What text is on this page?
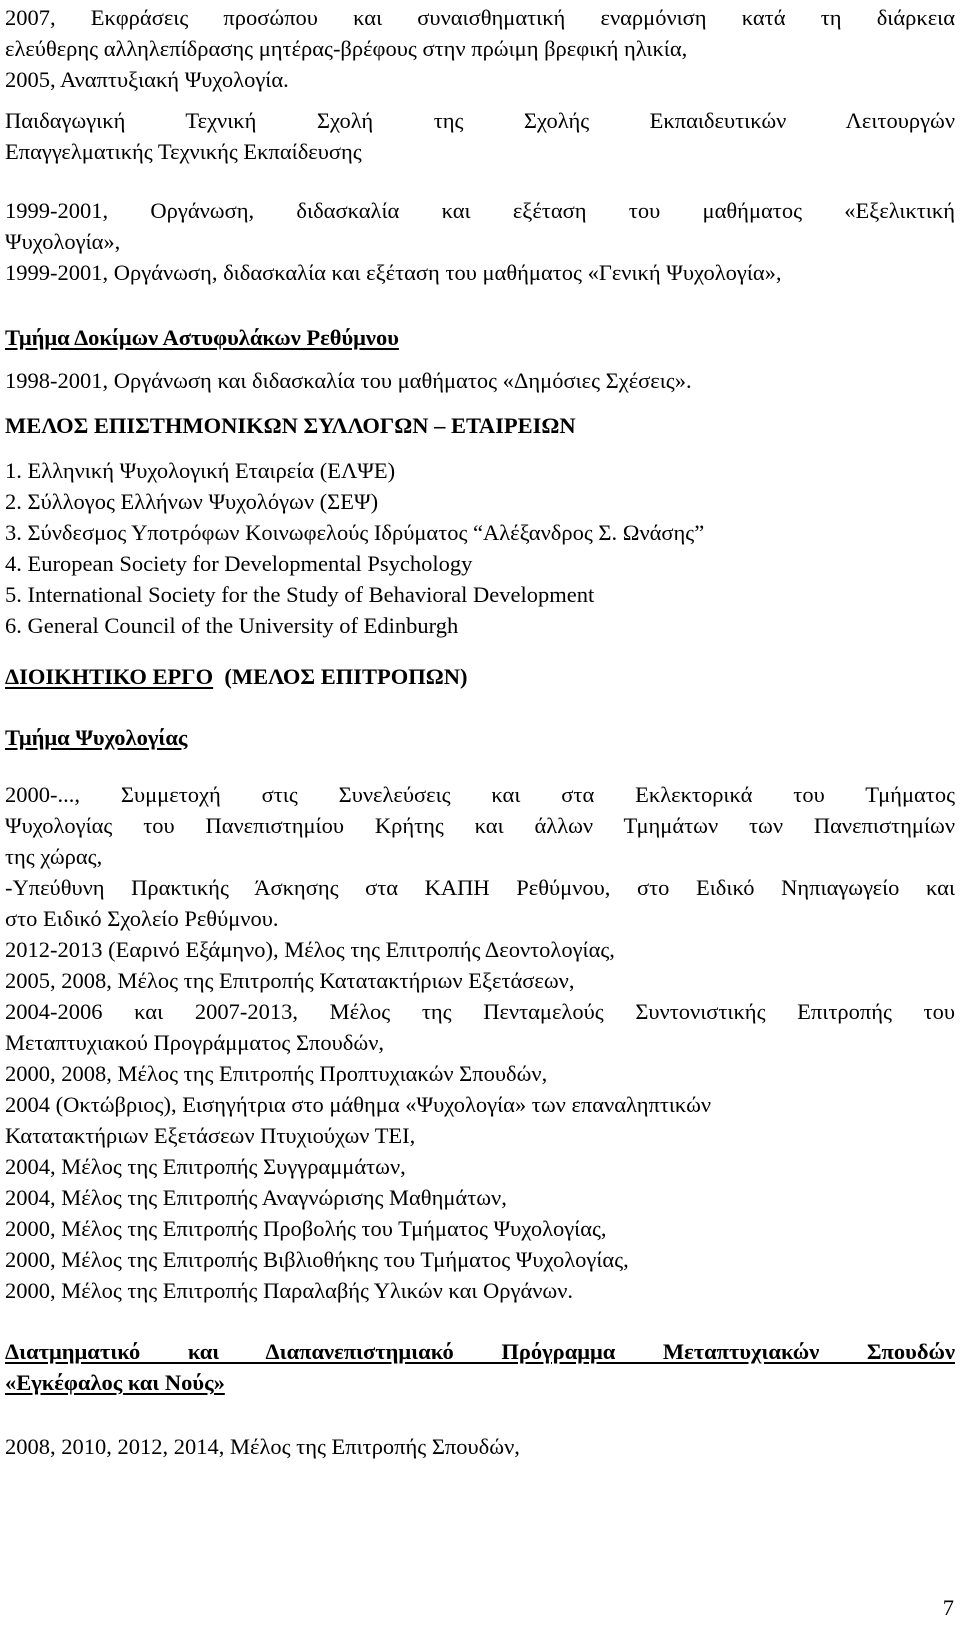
2007, Εκφράσεις προσώπου και συναισθηματική εναρμόνιση κατά τη διάρκεια

ελεύθερης αλληλεπίδρασης μητέρας-βρέφους στην πρώιμη βρεφική ηλικία,

2005, Αναπτυξιακή Ψυχολογία.

Παιδαγωγική Τεχνική Σχολή της Σχολής Εκπαιδευτικών Λειτουργών

Επαγγελματικής Τεχνικής Εκπαίδευσης

1999-2001, Οργάνωση, διδασκαλία και εξέταση του μαθήματος «Εξελικτική

Ψυχολογία»,

1999-2001, Οργάνωση, διδασκαλία και εξέταση του μαθήματος «Γενική Ψυχολογία»,

Τμήμα Δοκίμων Αστυφυλάκων Ρεθύμνου

1998-2001, Οργάνωση και διδασκαλία του μαθήματος «Δημόσιες Σχέσεις».

ΜΕΛΟΣ ΕΠΙΣΤΗΜΟΝΙΚΩΝ ΣΥΛΛΟΓΩΝ – ΕΤΑΙΡΕΙΩΝ

1. Ελληνική Ψυχολογική Εταιρεία (ΕΛΨΕ)

2. Σύλλογος Ελλήνων Ψυχολόγων (ΣΕΨ)

3. Σύνδεσμος Υποτρόφων Κοινωφελούς Ιδρύματος “Αλέξανδρος Σ. Ωνάσης”

4. European Society for Developmental Psychology

5. International Society for the Study of Behavioral Development

6. General Council of the University of Edinburgh

ΔΙΟΙΚΗΤΙΚΟ ΕΡΓΟ (ΜΕΛΟΣ ΕΠΙΤΡΟΠΩΝ)

Τμήμα Ψυχολογίας

2000-..., Συμμετοχή στις Συνελεύσεις και στα Εκλεκτορικά του Τμήματος

Ψυχολογίας του Πανεπιστημίου Κρήτης και άλλων Τμημάτων των Πανεπιστημίων

της χώρας,

-Υπεύθυνη Πρακτικής Άσκησης στα ΚΑΠΗ Ρεθύμνου, στο Ειδικό Νηπιαγωγείο και

στο Ειδικό Σχολείο Ρεθύμνου.

2012-2013 (Εαρινό Εξάμηνο), Μέλος της Επιτροπής Δεοντολογίας,

2005, 2008, Μέλος της Επιτροπής Κατατακτήριων Εξετάσεων,

2004-2006 και 2007-2013, Μέλος της Πενταμελούς Συντονιστικής Επιτροπής του

Μεταπτυχιακού Προγράμματος Σπουδών,

2000, 2008, Μέλος της Επιτροπής Προπτυχιακών Σπουδών,

2004 (Οκτώβριος), Εισηγήτρια στο μάθημα «Ψυχολογία» των επαναληπτικών

Κατατακτήριων Εξετάσεων Πτυχιούχων ΤΕΙ,

2004, Μέλος της Επιτροπής Συγγραμμάτων,

2004, Μέλος της Επιτροπής Αναγνώρισης Μαθημάτων,

2000, Μέλος της Επιτροπής Προβολής του Τμήματος Ψυχολογίας,

2000, Μέλος της Επιτροπής Βιβλιοθήκης του Τμήματος Ψυχολογίας,

2000, Μέλος της Επιτροπής Παραλαβής Υλικών και Οργάνων.

Διατμηματικό και Διαπανεπιστημιακό Πρόγραμμα Μεταπτυχιακών Σπουδών

«Εγκέφαλος και Νούς»

2008, 2010, 2012, 2014, Μέλος της Επιτροπής Σπουδών,

7
